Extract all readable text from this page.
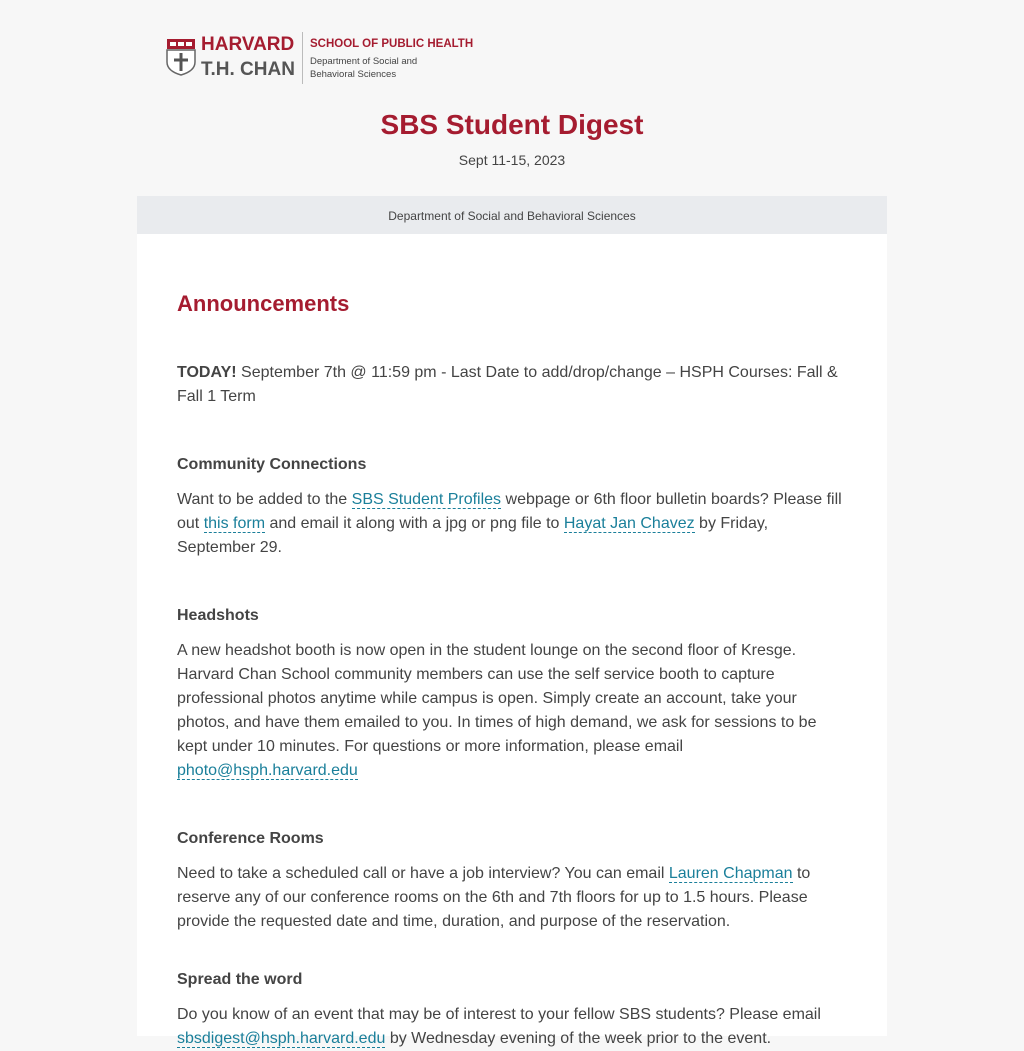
HARVARD
T.H. CHAN
SCHOOL OF PUBLIC HEALTH
Department of Social and
Behavioral Sciences
SBS Student Digest
Sept 11-15, 2023
Department of Social and Behavioral Sciences
Announcements

TODAY! September 7th @ 11:59 pm - Last Date to add/drop/change – HSPH Courses: Fall & Fall 1 Term

Community Connections

Want to be added to the SBS Student Profiles webpage or 6th floor bulletin boards? Please fill out this form and email it along with a jpg or png file to Hayat Jan Chavez by Friday, September 29.

Headshots

A new headshot booth is now open in the student lounge on the second floor of Kresge. Harvard Chan School community members can use the self service booth to capture professional photos anytime while campus is open. Simply create an account, take your photos, and have them emailed to you. In times of high demand, we ask for sessions to be kept under 10 minutes. For questions or more information, please email photo@hsph.harvard.edu

Conference Rooms

Need to take a scheduled call or have a job interview? You can email Lauren Chapman to reserve any of our conference rooms on the 6th and 7th floors for up to 1.5 hours. Please provide the requested date and time, duration, and purpose of the reservation.

Spread the word

Do you know of an event that may be of interest to your fellow SBS students? Please email sbsdigest@hsph.harvard.edu by Wednesday evening of the week prior to the event.
